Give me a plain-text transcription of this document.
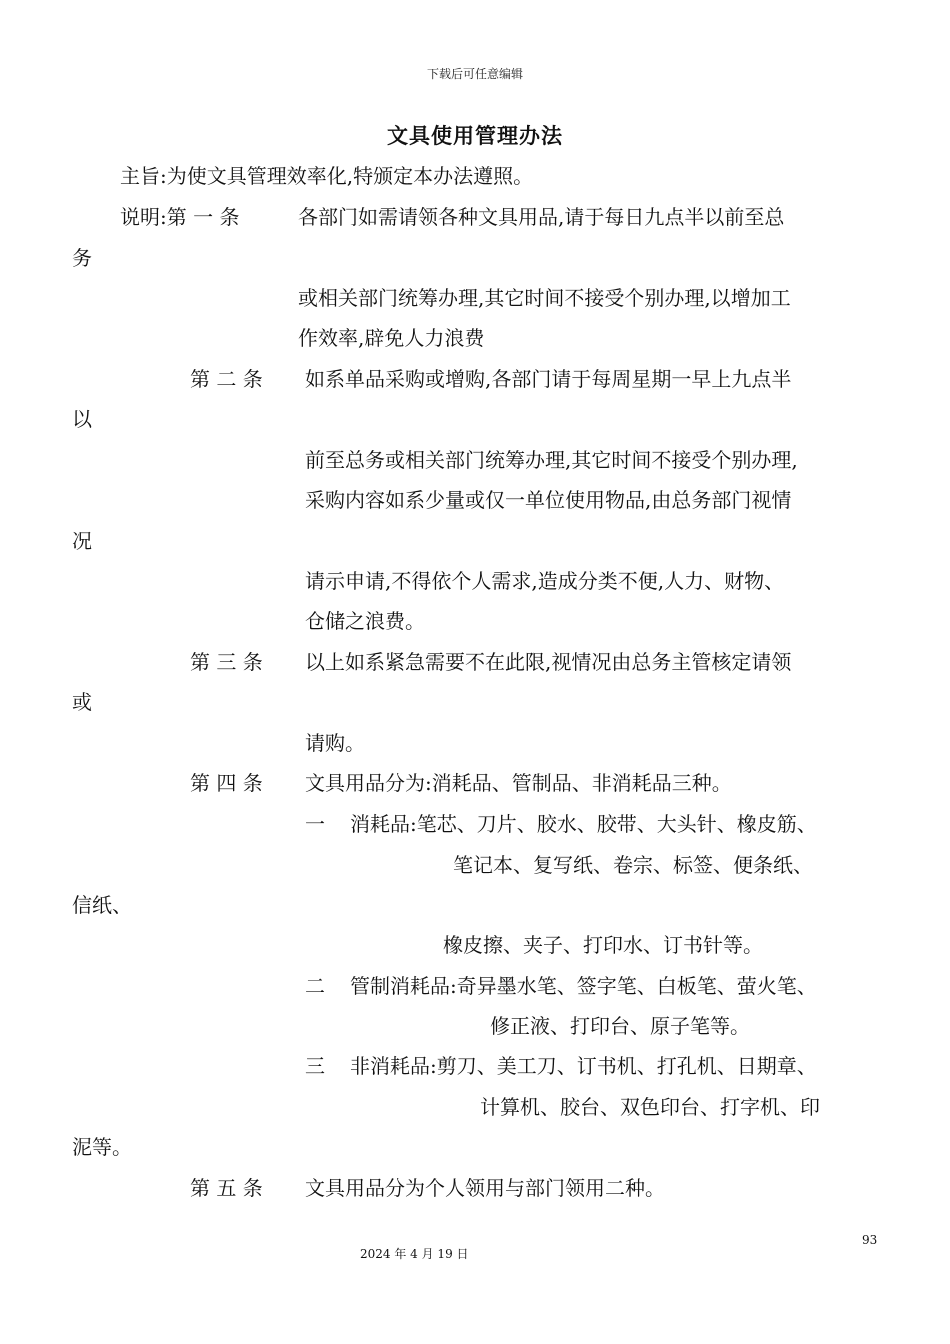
下载后可任意编辑
文具使用管理办法
主旨:为使文具管理效率化,特颁定本办法遵照。
说明:第 一 条	各部门如需请领各种文具用品,请于每日九点半以前至总
务
或相关部门统筹办理,其它时间不接受个别办理,以增加工
作效率,辟免人力浪费
第 二 条 如系单品采购或增购,各部门请于每周星期一早上九点半
以
前至总务或相关部门统筹办理,其它时间不接受个别办理,
采购内容如系少量或仅一单位使用物品,由总务部门视情
况
请示申请,不得依个人需求,造成分类不便,人力、财物、
仓储之浪费。
第 三 条 以上如系紧急需要不在此限,视情况由总务主管核定请领
或
请购。
第 四 条 文具用品分为:消耗品、管制品、非消耗品三种。
一 消耗品:笔芯、刀片、胶水、胶带、大头针、橡皮筋、
笔记本、复写纸、卷宗、标签、便条纸、
信纸、
橡皮擦、夹子、打印水、订书针等。
二 管制消耗品:奇异墨水笔、签字笔、白板笔、萤火笔、
修正液、打印台、原子笔等。
三 非消耗品:剪刀、美工刀、订书机、打孔机、日期章、
计算机、胶台、双色印台、打字机、印
泥等。
第 五 条 文具用品分为个人领用与部门领用二种。
93
2024 年 4 月 19 日
